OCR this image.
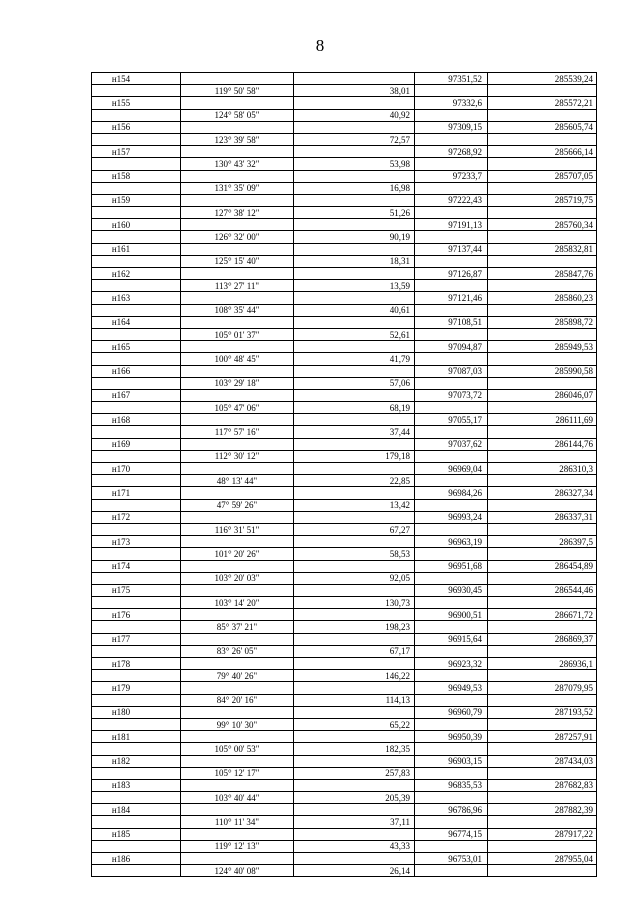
8
н154			97351,52	285539,24
	119° 50' 58"	38,01		
н155			97332,6	285572,21
	124° 58' 05"	40,92		
н156			97309,15	285605,74
	123° 39' 58"	72,57		
н157			97268,92	285666,14
	130° 43' 32"	53,98		
н158			97233,7	285707,05
	131° 35' 09"	16,98		
н159			97222,43	285719,75
	127° 38' 12"	51,26		
н160			97191,13	285760,34
	126° 32' 00"	90,19		
н161			97137,44	285832,81
	125° 15' 40"	18,31		
н162			97126,87	285847,76
	113° 27' 11"	13,59		
н163			97121,46	285860,23
	108° 35' 44"	40,61		
н164			97108,51	285898,72
	105° 01' 37"	52,61		
н165			97094,87	285949,53
	100° 48' 45"	41,79		
н166			97087,03	285990,58
	103° 29' 18"	57,06		
н167			97073,72	286046,07
	105° 47' 06"	68,19		
н168			97055,17	286111,69
	117° 57' 16"	37,44		
н169			97037,62	286144,76
	112° 30' 12"	179,18		
н170			96969,04	286310,3
	48° 13' 44"	22,85		
н171			96984,26	286327,34
	47° 59' 26"	13,42		
н172			96993,24	286337,31
	116° 31' 51"	67,27		
н173			96963,19	286397,5
	101° 20' 26"	58,53		
н174			96951,68	286454,89
	103° 20' 03"	92,05		
н175			96930,45	286544,46
	103° 14' 20"	130,73		
н176			96900,51	286671,72
	85° 37' 21"	198,23		
н177			96915,64	286869,37
	83° 26' 05"	67,17		
н178			96923,32	286936,1
	79° 40' 26"	146,22		
н179			96949,53	287079,95
	84° 20' 16"	114,13		
н180			96960,79	287193,52
	99° 10' 30"	65,22		
н181			96950,39	287257,91
	105° 00' 53"	182,35		
н182			96903,15	287434,03
	105° 12' 17"	257,83		
н183			96835,53	287682,83
	103° 40' 44"	205,39		
н184			96786,96	287882,39
	110° 11' 34"	37,11		
н185			96774,15	287917,22
	119° 12' 13"	43,33		
н186			96753,01	287955,04
	124° 40' 08"	26,14		
